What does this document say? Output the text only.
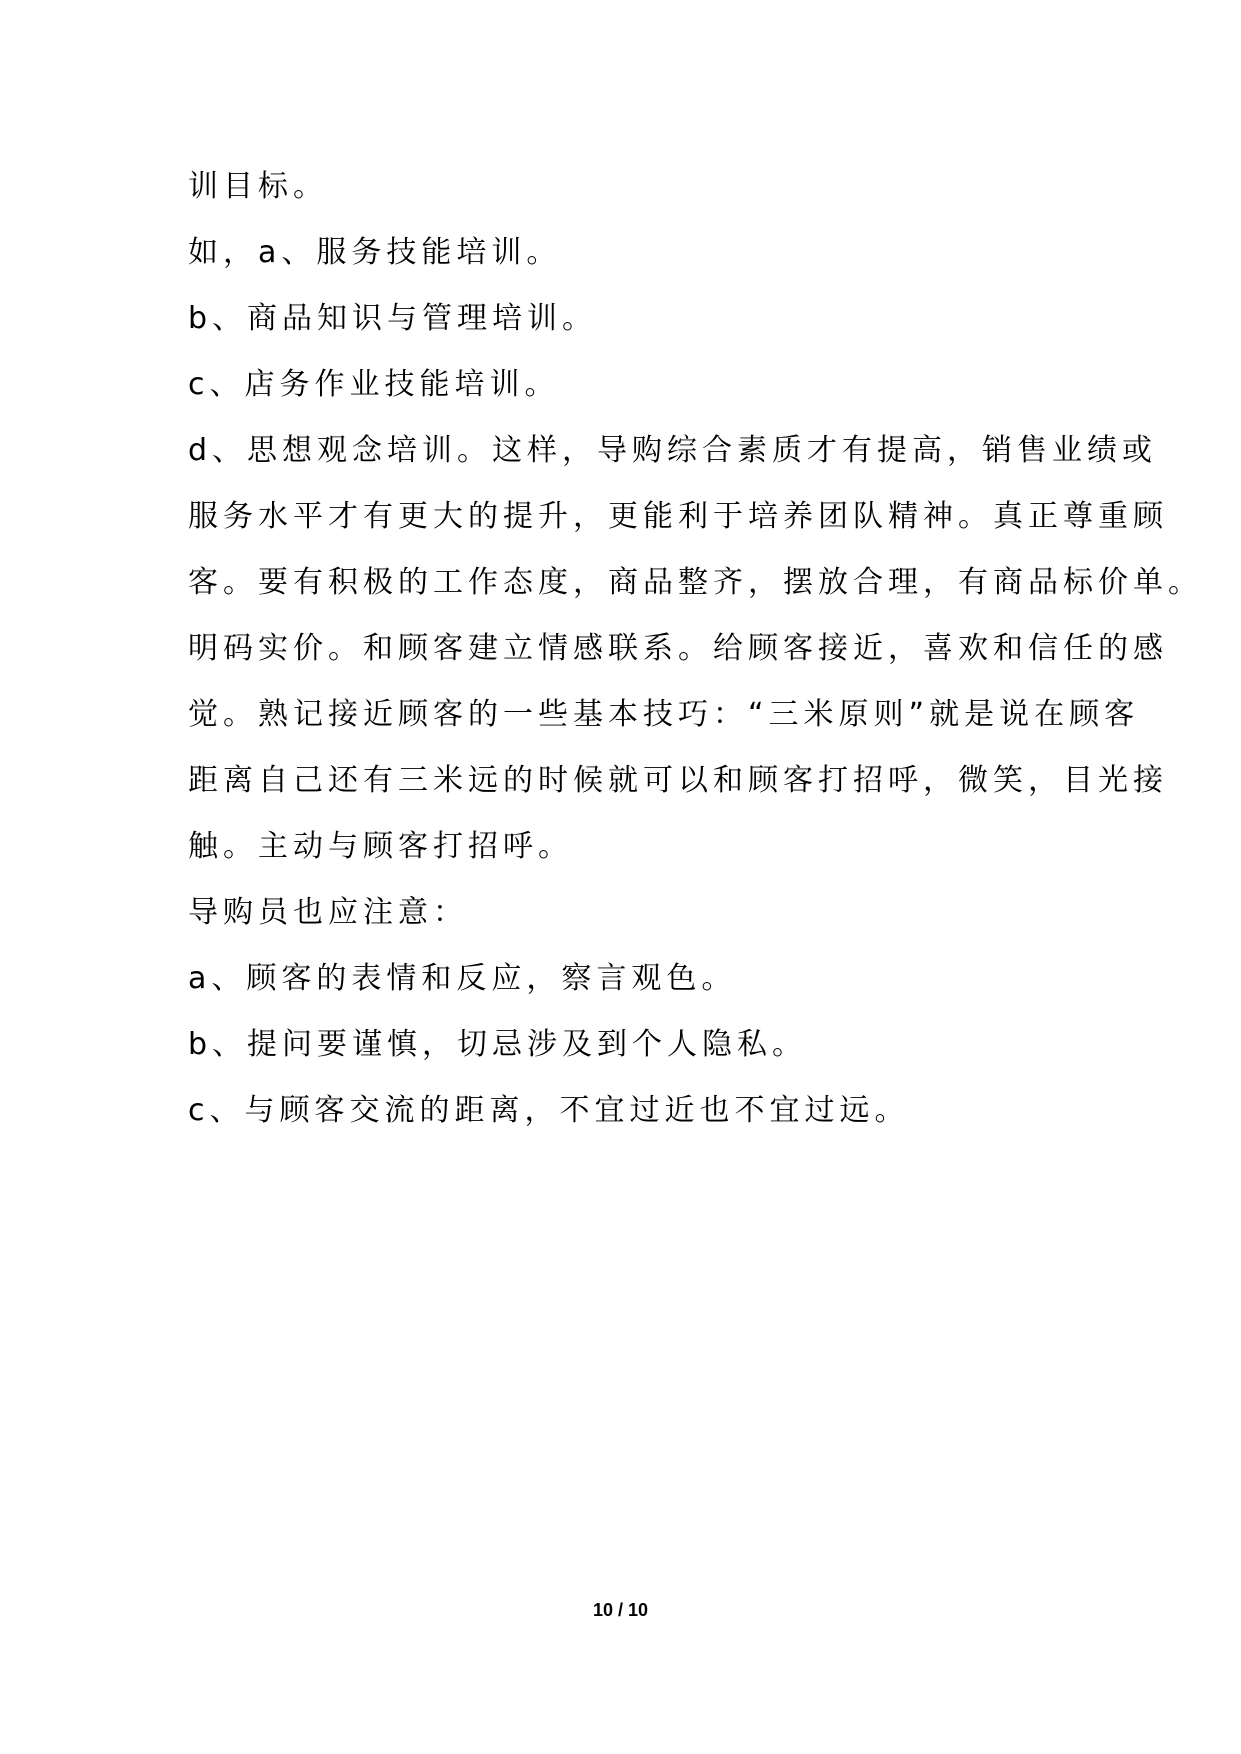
训目标。

如，a、服务技能培训。

b、商品知识与管理培训。

c、店务作业技能培训。

d、思想观念培训。这样，导购综合素质才有提高，销售业绩或

服务水平才有更大的提升，更能利于培养团队精神。真正尊重顾

客。要有积极的工作态度，商品整齐，摆放合理，有商品标价单。

明码实价。和顾客建立情感联系。给顾客接近，喜欢和信任的感

觉。熟记接近顾客的一些基本技巧：“三米原则”就是说在顾客

距离自己还有三米远的时候就可以和顾客打招呼，微笑，目光接

触。主动与顾客打招呼。

导购员也应注意：

a、顾客的表情和反应，察言观色。

b、提问要谨慎，切忌涉及到个人隐私。

c、与顾客交流的距离，不宜过近也不宜过远。

10 / 10
